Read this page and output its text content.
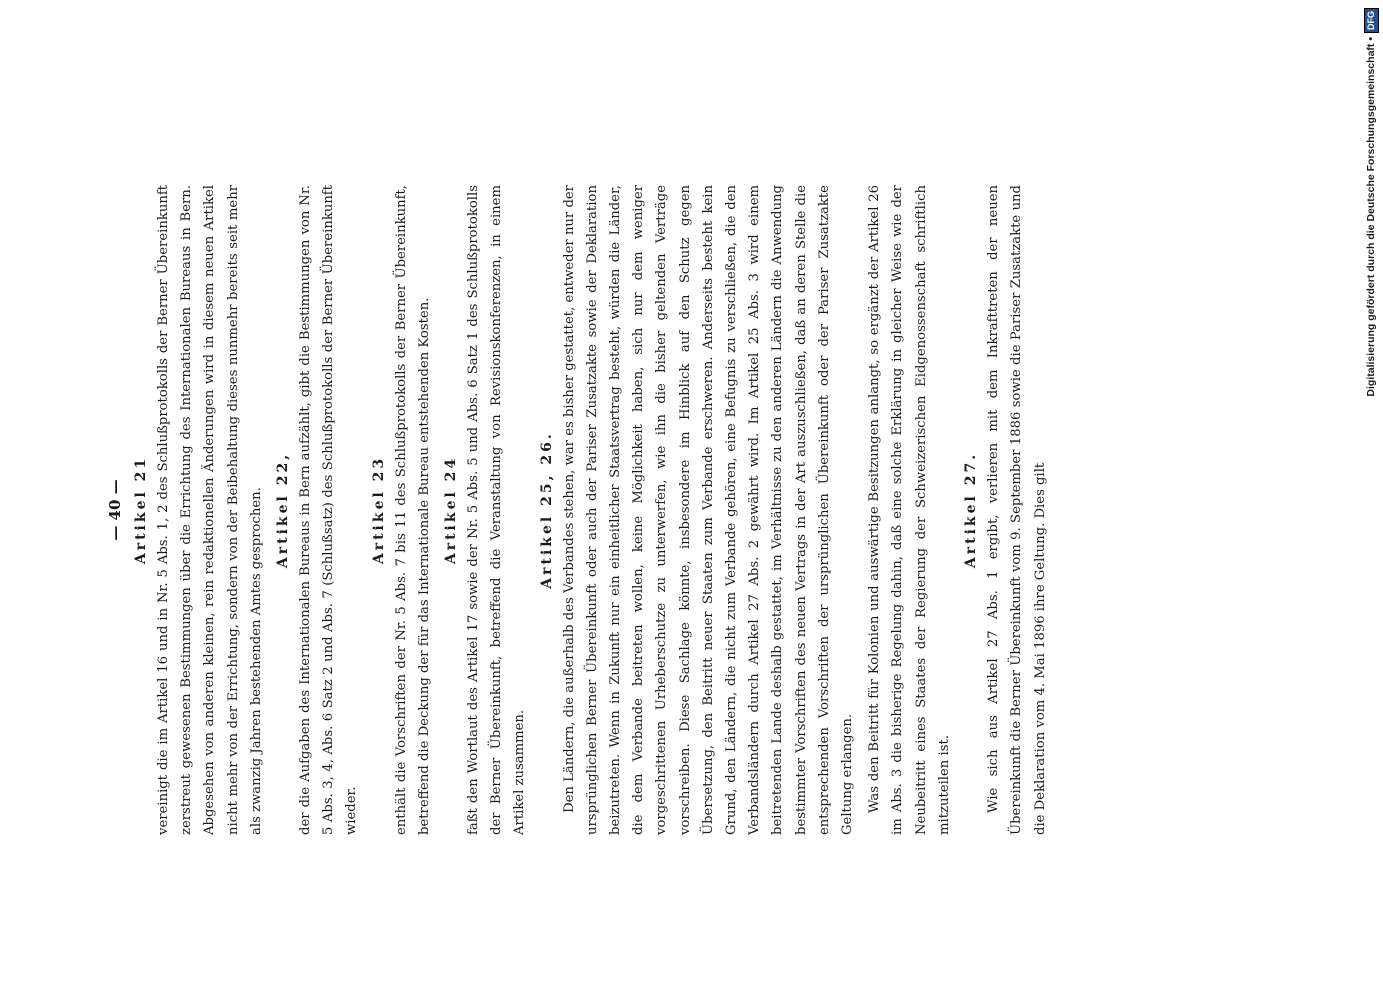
— 40 — Artikel 21 vereinigt die im Artikel 16 und in Nr. 5 Abs. 1, 2 des Schlußprotokolls der Berner Übereinkunft zerstreut gewesenen Bestimmungen über die Errichtung des Internationalen Bureaus in Bern. Abgesehen von anderen kleinen, rein redaktionellen Änderungen wird in diesem neuen Artikel nicht mehr von der Errichtung, sondern von der Beibehaltung dieses nunmehr bereits seit mehr als zwanzig Jahren bestehenden Amtes gesprochen. Artikel 22, der die Aufgaben des Internationalen Bureaus in Bern aufzählt, gibt die Bestimmungen von Nr. 5 Abs. 3, 4, Abs. 6 Satz 2 und Abs. 7 (Schlußsatz) des Schlußprotokolls der Berner Übereinkunft wieder.

Artikel 23 enthält die Vorschriften der Nr. 5 Abs. 7 bis 11 des Schlußprotokolls der Berner Übereinkunft, betreffend die Deckung der für das Internationale Bureau entstehenden Kosten. Artikel 24 faßt den Wortlaut des Artikel 17 sowie der Nr. 5 Abs. 5 und Abs. 6 Satz 1 des Schlußprotokolls der Berner Übereinkunft, betreffend die Veranstaltung von Revisionskonferenzen, in einem Artikel zusammen.

Artikel 25, 26. Den Ländern, die außerhalb des Verbandes stehen, war es bisher gestattet, entweder nur der ursprünglichen Berner Übereinkunft oder auch der Pariser Zusatzakte sowie der Deklaration beizutreten. Wenn in Zukunft nur ein einheitlicher Staatsvertrag besteht, würden die Länder, die dem Verbande beitreten wollen, keine Möglichkeit haben, sich nur dem weniger vorgeschrittenen Urheberschutze zu unterwerfen, wie ihn die bisher geltenden Verträge vorschreiben. Diese Sachlage könnte, insbesondere im Hinblick auf den Schutz gegen Übersetzung, den Beitritt neuer Staaten zum Verbande erschweren. Anderseits besteht kein Grund, den Ländern, die nicht zum Verbande gehören, eine Befugnis zu verschließen, die den Verbandsländern durch Artikel 27 Abs. 2 gewährt wird. Im Artikel 25 Abs. 3 wird einem beitretenden Lande deshalb gestattet, im Verhältnisse zu den anderen Ländern die Anwendung bestimmter Vorschriften des neuen Vertrags in der Art auszuschließen, daß an deren Stelle die entsprechenden Vorschriften der ursprünglichen Übereinkunft oder der Pariser Zusatzakte Geltung erlangen. Was den Beitritt für Kolonien und auswärtige Besitzungen anlangt, so ergänzt der Artikel 26 im Abs. 3 die bisherige Regelung dahin, daß eine solche Erklärung in gleicher Weise wie der Neubeitritt eines Staates der Regierung der Schweizerischen Eidgenossenschaft schriftlich mitzuteilen ist.

Artikel 27. Wie sich aus Artikel 27 Abs. 1 ergibt, verlieren mit dem Inkrafttreten der neuen Übereinkunft die Berner Übereinkunft vom 9. September 1886 sowie die Pariser Zusatzakte und die Deklaration vom 4. Mai 1896 ihre Geltung. Dies gilt

Digitalisierung gefördert durch die Deutsche Forschungsgemeinschaft •
DFG
